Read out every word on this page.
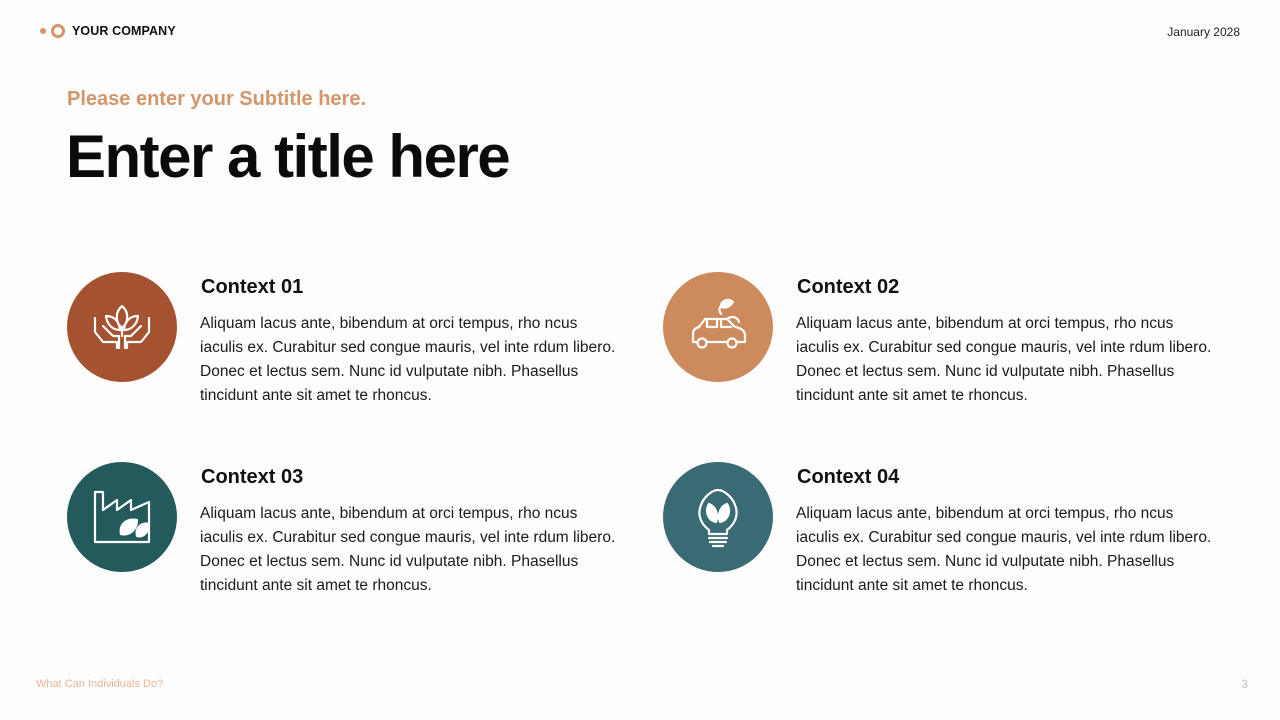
YOUR COMPANY	January 2028
Please enter your Subtitle here.
Enter a title here
Context 01
Aliquam lacus ante, bibendum at orci tempus, rho ncus iaculis ex. Curabitur sed congue mauris, vel inte rdum libero. Donec et lectus sem. Nunc id vulputate nibh. Phasellus tincidunt ante sit amet te rhoncus.
Context 02
Aliquam lacus ante, bibendum at orci tempus, rho ncus iaculis ex. Curabitur sed congue mauris, vel inte rdum libero. Donec et lectus sem. Nunc id vulputate nibh. Phasellus tincidunt ante sit amet te rhoncus.
Context 03
Aliquam lacus ante, bibendum at orci tempus, rho ncus iaculis ex. Curabitur sed congue mauris, vel inte rdum libero. Donec et lectus sem. Nunc id vulputate nibh. Phasellus tincidunt ante sit amet te rhoncus.
Context 04
Aliquam lacus ante, bibendum at orci tempus, rho ncus iaculis ex. Curabitur sed congue mauris, vel inte rdum libero. Donec et lectus sem. Nunc id vulputate nibh. Phasellus tincidunt ante sit amet te rhoncus.
What Can Individuals Do?	3
